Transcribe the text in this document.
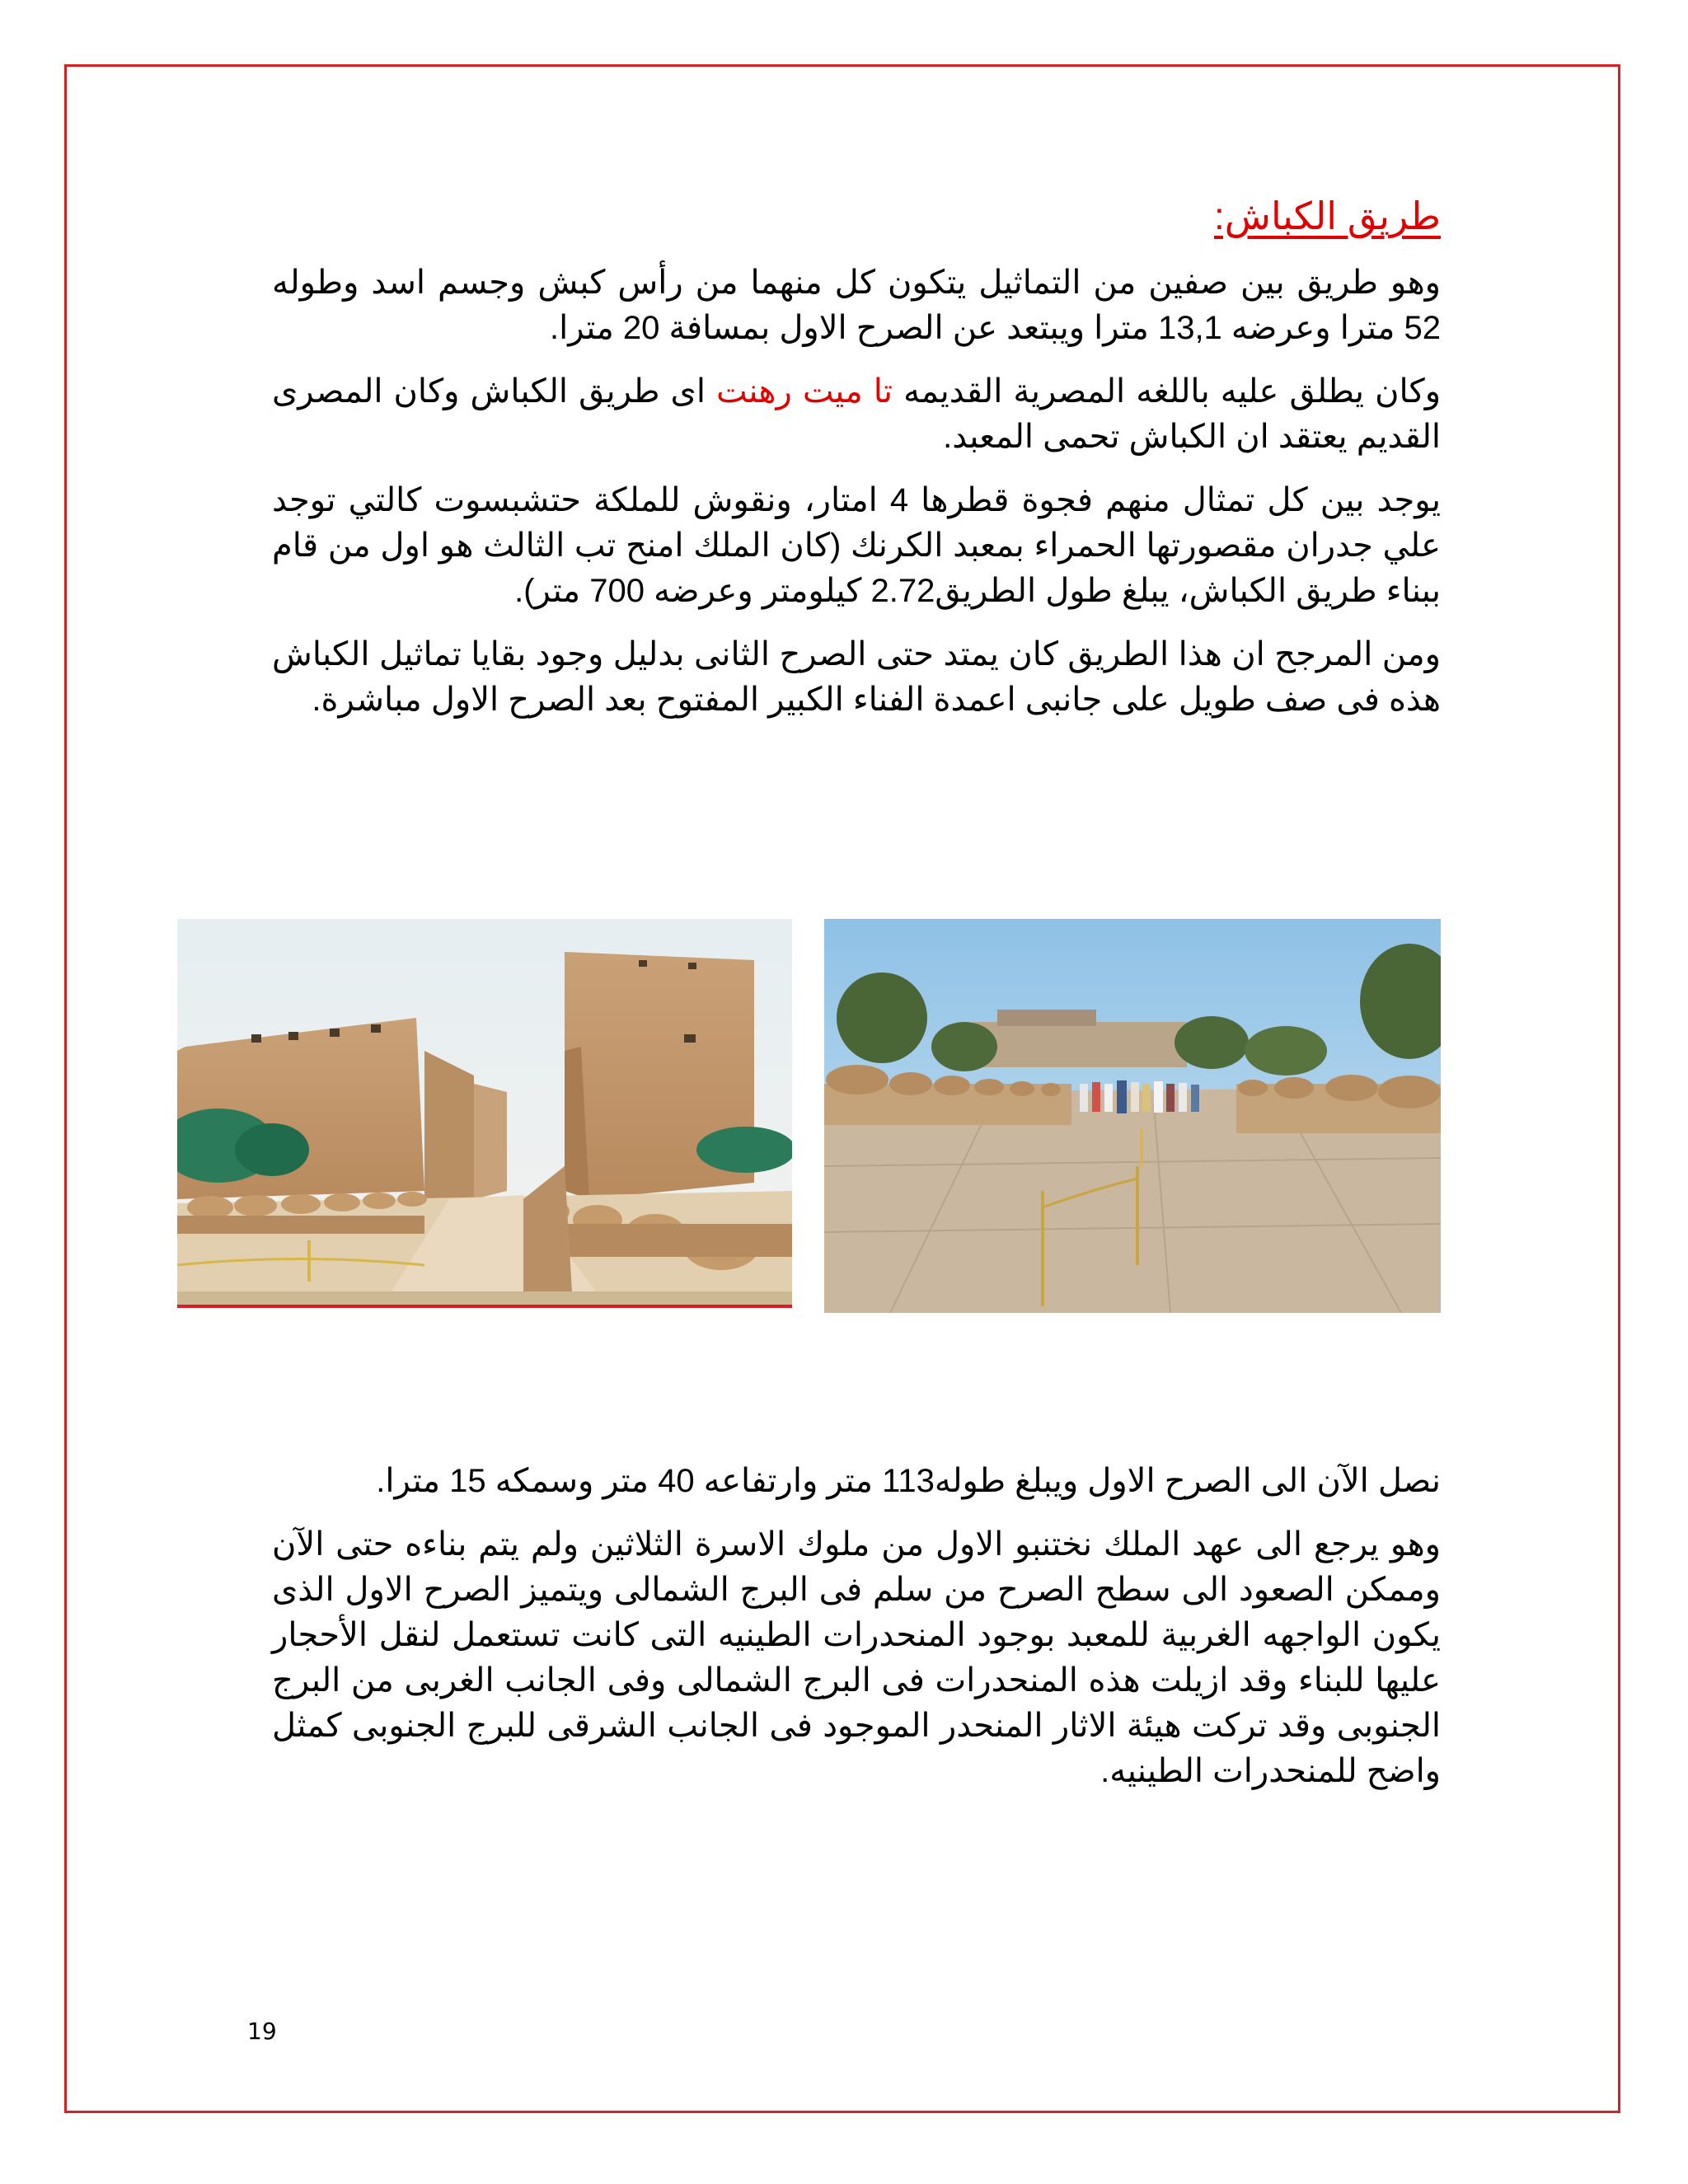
طريق الكباش:

وهو طريق بين صفين من التماثيل يتكون كل منهما من رأس كبش وجسم اسد وطوله 52 مترا وعرضه 13,1 مترا ويبتعد عن الصرح الاول بمسافة 20 مترا.

وكان يطلق عليه باللغه المصرية القديمه تا ميت رهنت اى طريق الكباش وكان المصرى القديم يعتقد ان الكباش تحمى المعبد.

يوجد بين كل تمثال منهم فجوة قطرها 4 امتار، ونقوش للملكة حتشبسوت كالتي توجد علي جدران مقصورتها الحمراء بمعبد الكرنك (كان الملك امنح تب الثالث هو اول من قام ببناء طريق الكباش، يبلغ طول الطريق2.72 كيلومتر وعرضه 700 متر).

ومن المرجح ان هذا الطريق كان يمتد حتى الصرح الثانى بدليل وجود بقايا تماثيل الكباش هذه فى صف طويل على جانبى اعمدة الفناء الكبير المفتوح بعد الصرح الاول مباشرة.

نصل الآن الى الصرح الاول ويبلغ طوله113 متر وارتفاعه 40 متر وسمكه 15 مترا.

وهو يرجع الى عهد الملك نختنبو الاول من ملوك الاسرة الثلاثين ولم يتم بناءه حتى الآن وممكن الصعود الى سطح الصرح من سلم فى البرج الشمالى ويتميز الصرح الاول الذى يكون الواجهه الغربية للمعبد بوجود المنحدرات الطينيه التى كانت تستعمل لنقل الأحجار عليها للبناء وقد ازيلت هذه المنحدرات فى البرج الشمالى وفى الجانب الغربى من البرج الجنوبى وقد تركت هيئة الاثار المنحدر الموجود فى الجانب الشرقى للبرج الجنوبى كمثل واضح للمنحدرات الطينيه.

19
